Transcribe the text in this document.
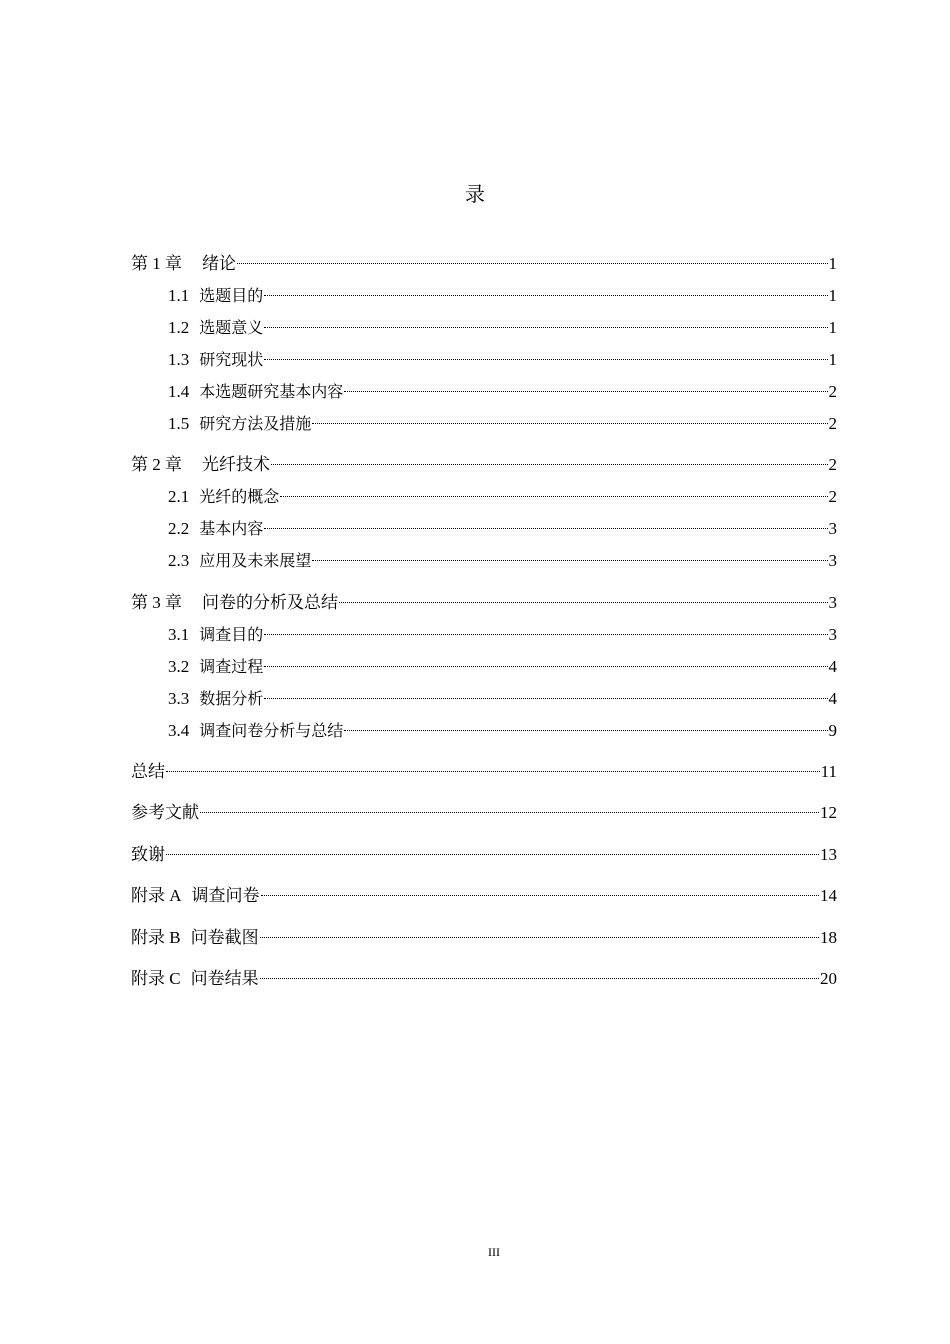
录
第 1 章 绪论	1
1.1 选题目的	1
1.2 选题意义	1
1.3 研究现状	1
1.4 本选题研究基本内容	2
1.5 研究方法及措施	2
第 2 章 光纤技术	2
2.1 光纤的概念	2
2.2 基本内容	3
2.3 应用及未来展望	3
第 3 章 问卷的分析及总结	3
3.1 调查目的	3
3.2 调查过程	4
3.3 数据分析	4
3.4 调查问卷分析与总结	9
总结	11
参考文献	12
致谢	13
附录 A 调查问卷	14
附录 B 问卷截图	18
附录 C 问卷结果	20
III
